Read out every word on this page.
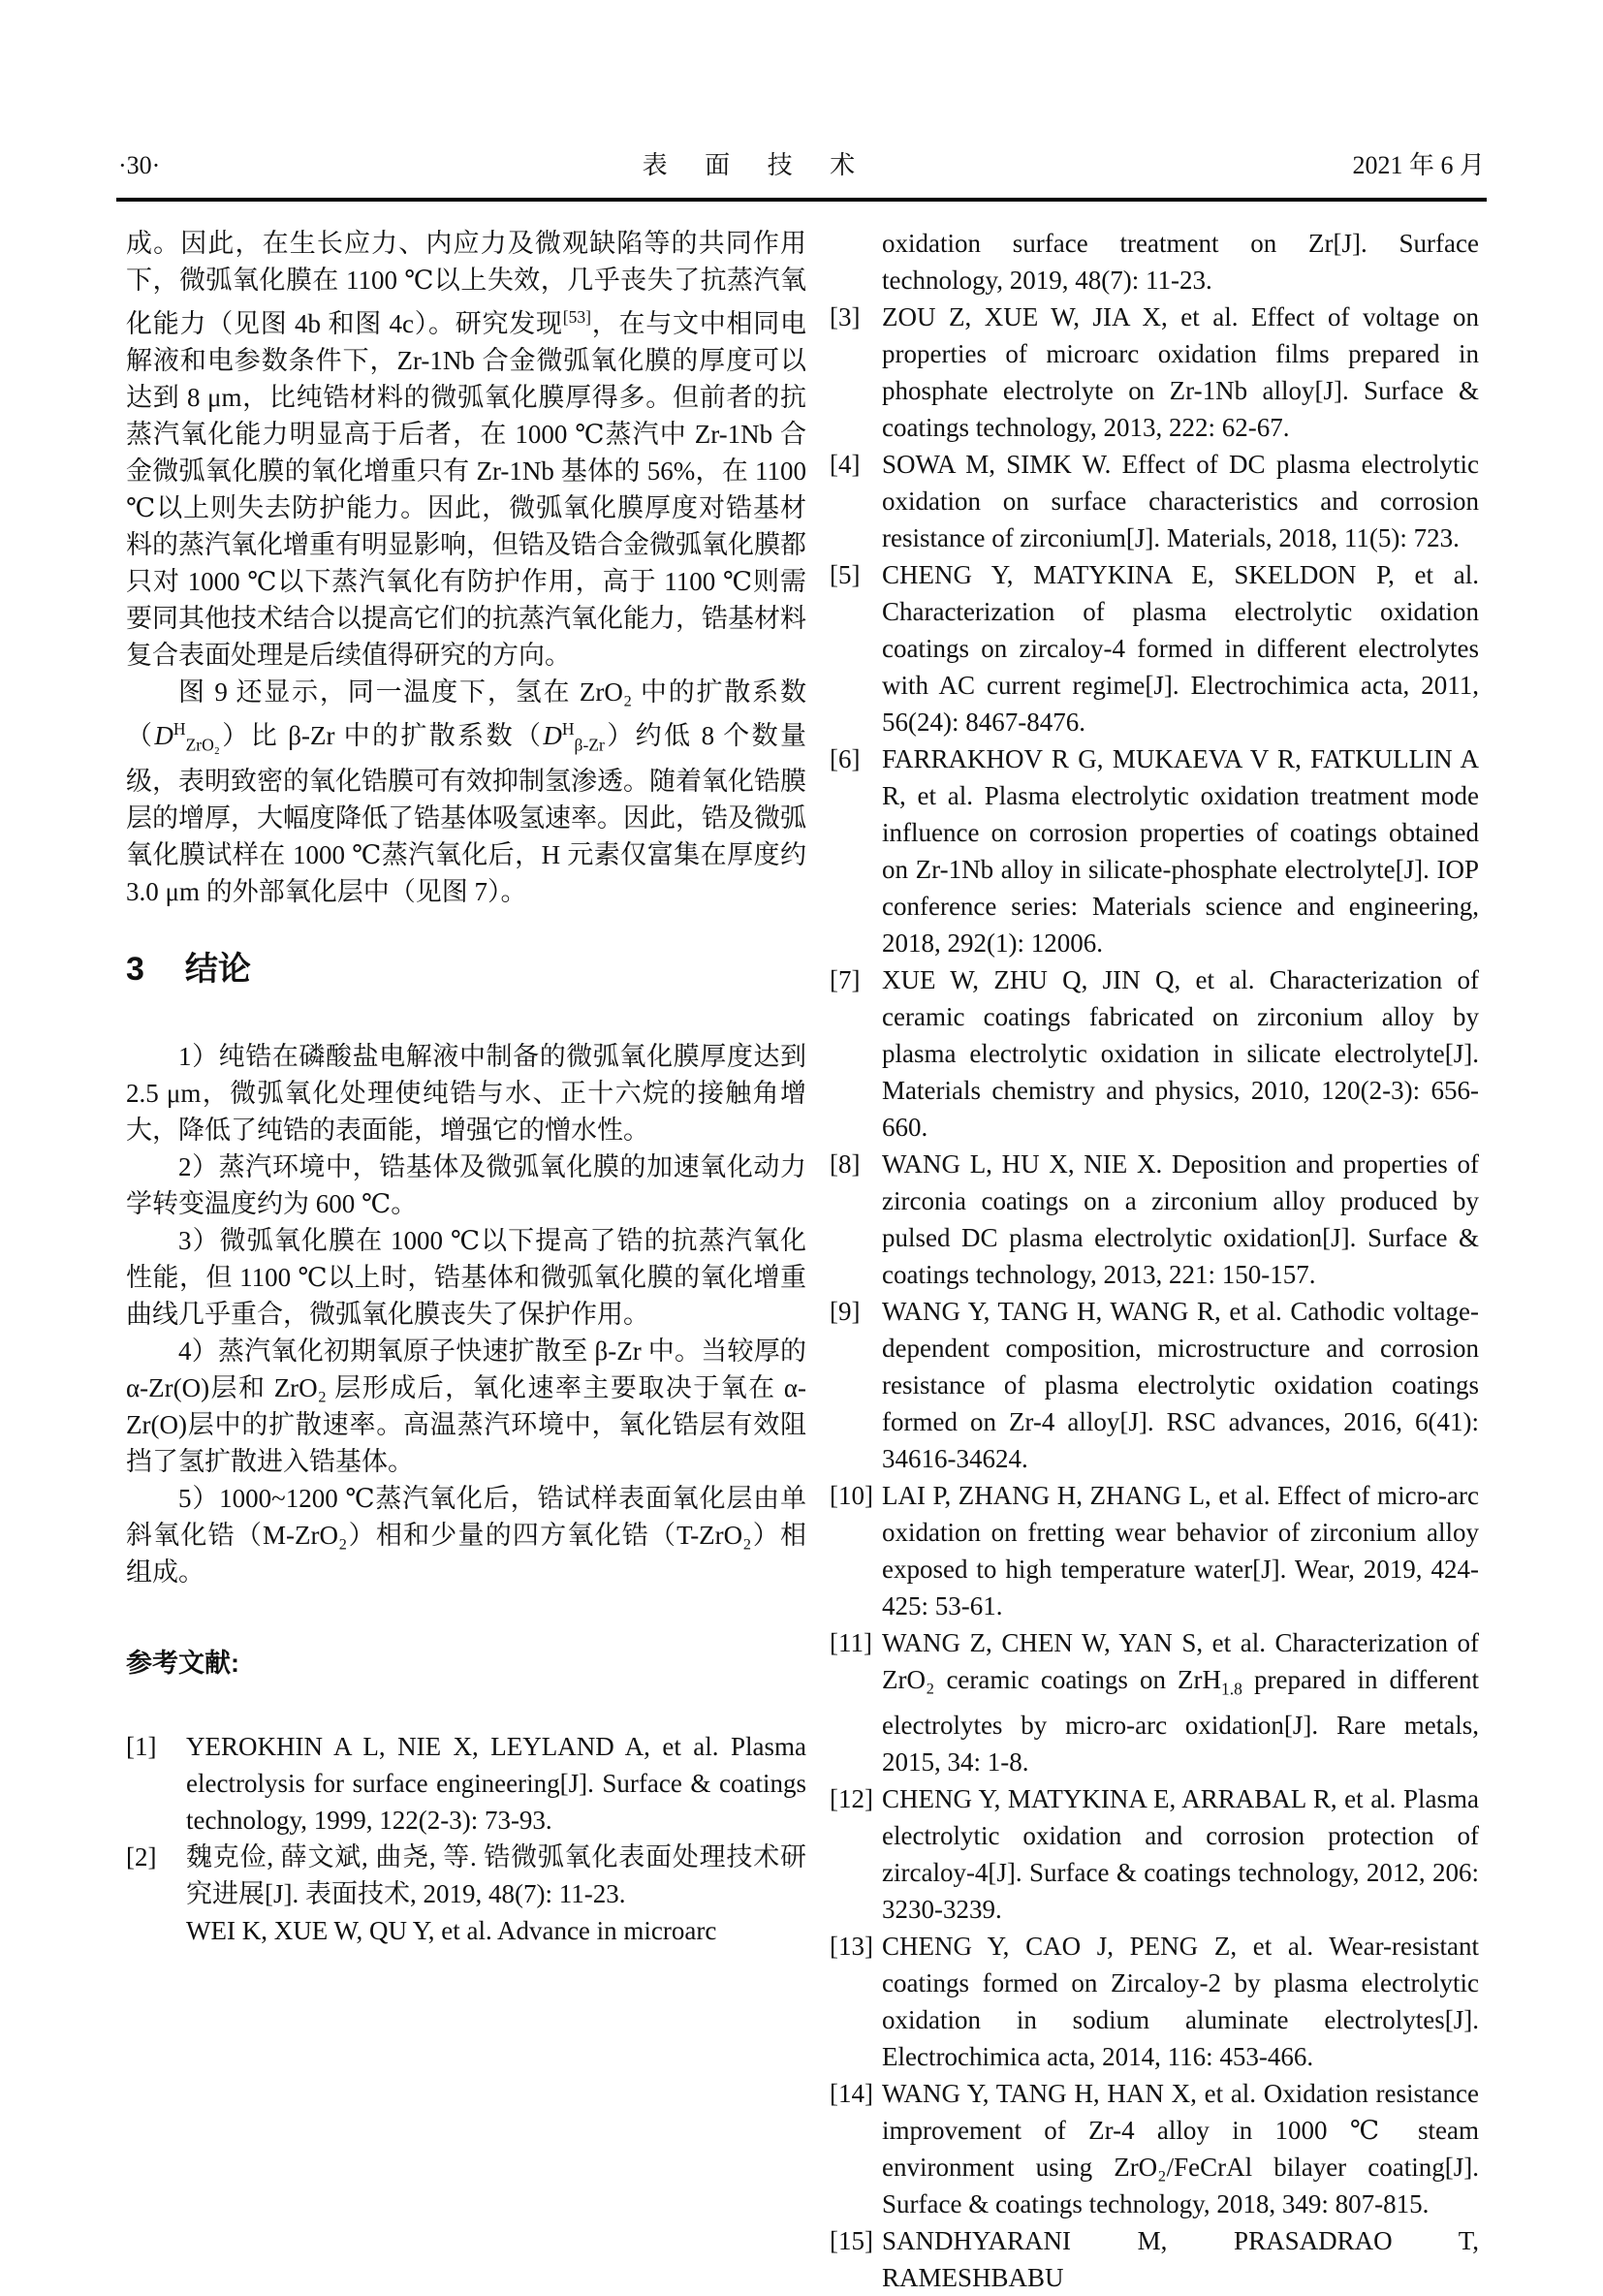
·30·	表 面 技 术	2021 年 6 月

成。因此，在生长应力、内应力及微观缺陷等的共同作用下，微弧氧化膜在 1100 ℃以上失效，几乎丧失了抗蒸汽氧化能力（见图 4b 和图 4c）。研究发现[53]，在与文中相同电解液和电参数条件下，Zr-1Nb 合金微弧氧化膜的厚度可以达到 8 μm，比纯锆材料的微弧氧化膜厚得多。但前者的抗蒸汽氧化能力明显高于后者，在 1000 ℃蒸汽中 Zr-1Nb 合金微弧氧化膜的氧化增重只有 Zr-1Nb 基体的 56%，在 1100 ℃以上则失去防护能力。因此，微弧氧化膜厚度对锆基材料的蒸汽氧化增重有明显影响，但锆及锆合金微弧氧化膜都只对 1000 ℃以下蒸汽氧化有防护作用，高于 1100 ℃则需要同其他技术结合以提高它们的抗蒸汽氧化能力，锆基材料复合表面处理是后续值得研究的方向。

图 9 还显示，同一温度下，氢在 ZrO₂ 中的扩散系数$(D^H_{ZrO_2})$比 β-Zr 中的扩散系数$(D^H_{\beta-Zr})$约低 8 个数量级，表明致密的氧化锆膜可有效抑制氢渗透。随着氧化锆膜层的增厚，大幅度降低了锆基体吸氢速率。因此，锆及微弧氧化膜试样在 1000 ℃蒸汽氧化后，H 元素仅富集在厚度约 3.0 μm 的外部氧化层中（见图 7）。

3 结论

1）纯锆在磷酸盐电解液中制备的微弧氧化膜厚度达到 2.5 μm，微弧氧化处理使纯锆与水、正十六烷的接触角增大，降低了纯锆的表面能，增强它的憎水性。

2）蒸汽环境中，锆基体及微弧氧化膜的加速氧化动力学转变温度约为 600 ℃。

3）微弧氧化膜在 1000 ℃以下提高了锆的抗蒸汽氧化性能，但 1100 ℃以上时，锆基体和微弧氧化膜的氧化增重曲线几乎重合，微弧氧化膜丧失了保护作用。

4）蒸汽氧化初期氧原子快速扩散至 β-Zr 中。当较厚的 α-Zr(O)层和 ZrO₂ 层形成后，氧化速率主要取决于氧在 α-Zr(O)层中的扩散速率。高温蒸汽环境中，氧化锆层有效阻挡了氢扩散进入锆基体。

5）1000~1200 ℃蒸汽氧化后，锆试样表面氧化层由单斜氧化锆（M-ZrO₂）相和少量的四方氧化锆（T-ZrO₂）相组成。

参考文献:
[1]	YEROKHIN A L, NIE X, LEYLAND A, et al. Plasma electrolysis for surface engineering[J]. Surface & coatings technology, 1999, 122(2-3): 73-93.
[2]	魏克俭, 薛文斌, 曲尧, 等. 锆微弧氧化表面处理技术研究进展[J]. 表面技术, 2019, 48(7): 11-23.
WEI K, XUE W, QU Y, et al. Advance in microarc
oxidation surface treatment on Zr[J]. Surface technology, 2019, 48(7): 11-23.
[3] ZOU Z, XUE W, JIA X, et al. Effect of voltage on properties of microarc oxidation films prepared in phosphate electrolyte on Zr-1Nb alloy[J]. Surface & coatings technology, 2013, 222: 62-67.
[4] SOWA M, SIMK W. Effect of DC plasma electrolytic oxidation on surface characteristics and corrosion resistance of zirconium[J]. Materials, 2018, 11(5): 723.
[5] CHENG Y, MATYKINA E, SKELDON P, et al. Characterization of plasma electrolytic oxidation coatings on zircaloy-4 formed in different electrolytes with AC current regime[J]. Electrochimica acta, 2011, 56(24): 8467-8476.
[6] FARRAKHOV R G, MUKAEVA V R, FATKULLIN A R, et al. Plasma electrolytic oxidation treatment mode influence on corrosion properties of coatings obtained on Zr-1Nb alloy in silicate-phosphate electrolyte[J]. IOP conference series: Materials science and engineering, 2018, 292(1): 12006.
[7] XUE W, ZHU Q, JIN Q, et al. Characterization of ceramic coatings fabricated on zirconium alloy by plasma electrolytic oxidation in silicate electrolyte[J]. Materials chemistry and physics, 2010, 120(2-3): 656-660.
[8] WANG L, HU X, NIE X. Deposition and properties of zirconia coatings on a zirconium alloy produced by pulsed DC plasma electrolytic oxidation[J]. Surface & coatings technology, 2013, 221: 150-157.
[9] WANG Y, TANG H, WANG R, et al. Cathodic voltage-dependent composition, microstructure and corrosion resistance of plasma electrolytic oxidation coatings formed on Zr-4 alloy[J]. RSC advances, 2016, 6(41): 34616-34624.
[10] LAI P, ZHANG H, ZHANG L, et al. Effect of micro-arc oxidation on fretting wear behavior of zirconium alloy exposed to high temperature water[J]. Wear, 2019, 424-425: 53-61.
[11] WANG Z, CHEN W, YAN S, et al. Characterization of ZrO₂ ceramic coatings on ZrH$_{1.8}$ prepared in different electrolytes by micro-arc oxidation[J]. Rare metals, 2015, 34: 1-8.
[12] CHENG Y, MATYKINA E, ARRABAL R, et al. Plasma electrolytic oxidation and corrosion protection of zircaloy-4[J]. Surface & coatings technology, 2012, 206: 3230-3239.
[13] CHENG Y, CAO J, PENG Z, et al. Wear-resistant coatings formed on Zircaloy-2 by plasma electrolytic oxidation in sodium aluminate electrolytes[J]. Electrochimica acta, 2014, 116: 453-466.
[14] WANG Y, TANG H, HAN X, et al. Oxidation resistance improvement of Zr-4 alloy in 1000 ℃ steam environment using ZrO₂/FeCrAl bilayer coating[J]. Surface & coatings technology, 2018, 349: 807-815.
[15] SANDHYARANI M, PRASADRAO T, RAMESHBABU
